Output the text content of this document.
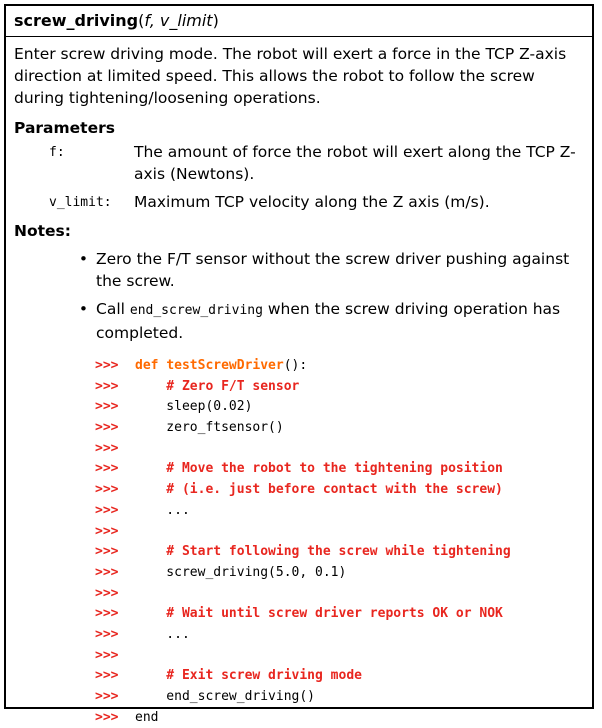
screw_driving(f, v_limit)
Enter screw driving mode. The robot will exert a force in the TCP Z-axis direction at limited speed. This allows the robot to follow the screw during tightening/loosening operations.
Parameters
f:	The amount of force the robot will exert along the TCP Z-axis (Newtons).
v_limit:	Maximum TCP velocity along the Z axis (m/s).
Notes:
• Zero the F/T sensor without the screw driver pushing against the screw.
• Call end_screw_driving when the screw driving operation has completed.
>>> def testScrewDriver():
>>>    # Zero F/T sensor
>>>    sleep(0.02)
>>>    zero_ftsensor()
>>>
>>>    # Move the robot to the tightening position
>>>    # (i.e. just before contact with the screw)
>>>    ...
>>>
>>>    # Start following the screw while tightening
>>>    screw_driving(5.0, 0.1)
>>>
>>>    # Wait until screw driver reports OK or NOK
>>>    ...
>>>
>>>    # Exit screw driving mode
>>>    end_screw_driving()
>>> end
